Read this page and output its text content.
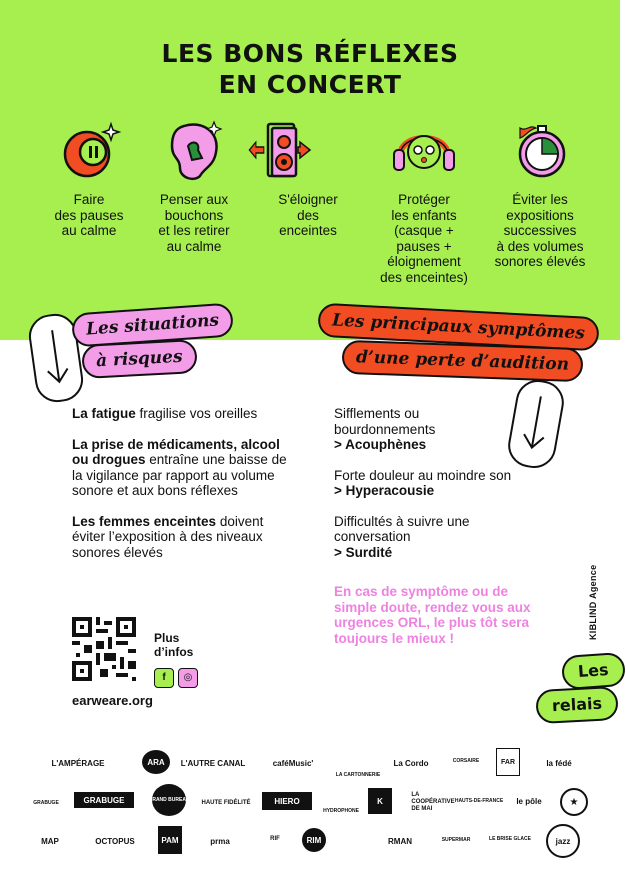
LES BONS RÉFLEXES
EN CONCERT
Faire
des pauses
au calme
Penser aux
bouchons
et les retirer
au calme
S'éloigner
des
enceintes
Protéger
les enfants
(casque +
pauses +
éloignement
des enceintes)
Éviter les
expositions
successives
à des volumes
sonores élevés
Les situations
à risques
Les principaux symptômes
d’une perte d’audition

La fatigue fragilise vos oreilles

La prise de médicaments, alcool ou drogues entraîne une baisse de la vigilance par rapport au volume sonore et aux bons réflexes

Les femmes enceintes doivent éviter l’exposition à des niveaux sonores élevés

Sifflements ou bourdonnements
> Acouphènes

Forte douleur au moindre son
> Hyperacousie

Difficultés à suivre une conversation
> Surdité

En cas de symptôme ou de simple doute, rendez vous aux urgences ORL, le plus tôt sera toujours le mieux !	KIBLIND Agence
Plus
d’infos
f	◎
earweare.org
Les
relais
L'AMPÉRAGE	ARA	L'AUTRE CANAL	caféMusic'
LA CARTONNERIE
La Cordo	CORSAIRE	FAR	la fédé
GRABUGE	GRABUGE	GRAND BUREAU HAUTE FIDÉLITÉ	HIERO
HYDROPHONE
K
LA COOPÉRATIVE DE MAI
HAUTS-DE-FRANCE	le pôle	★
MAP	OCTOPUS	PAM	prma	RIF	RIM	RMAN	SUPERMAR	LE BRISE GLACE	jazz
